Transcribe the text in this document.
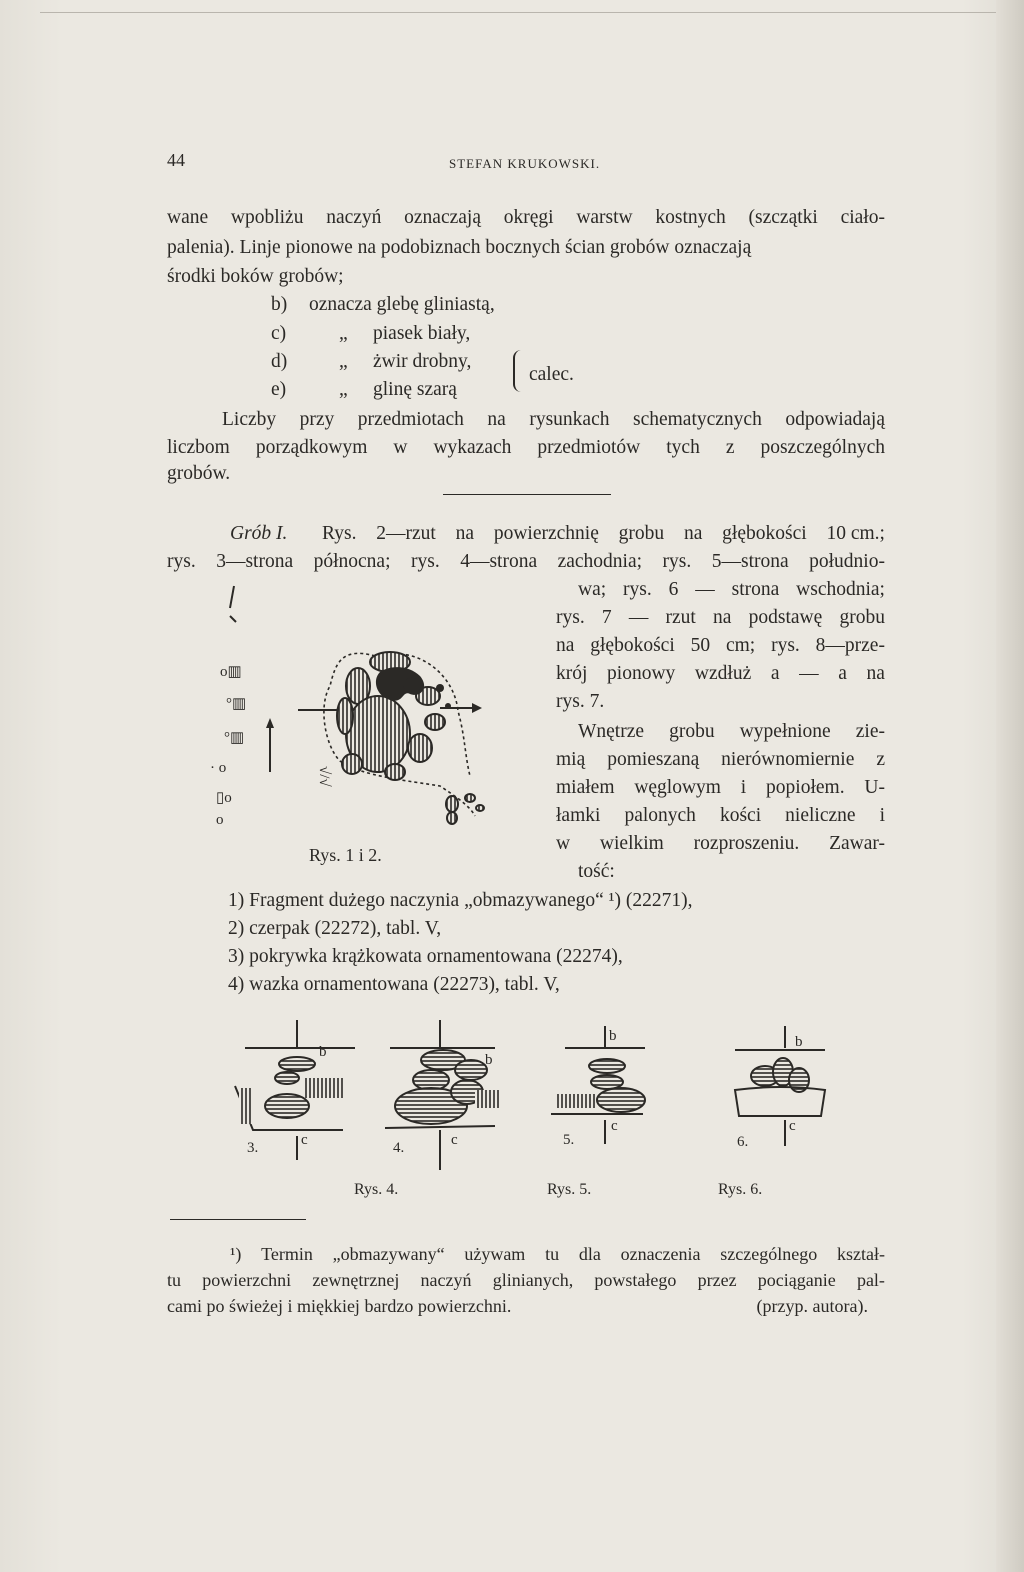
44	STEFAN KRUKOWSKI.
wane wpobliżu naczyń oznaczają okręgi warstw kostnych (szczątki ciało-
palenia). Linje pionowe na podobiznach bocznych ścian grobów oznaczają
środki boków grobów;
b) oznacza glebę gliniastą,
c)	„ piasek biały,
d)	„ żwir drobny,
e)	„ glinę szarą
calec.
Liczby przy przedmiotach na rysunkach schematycznych odpowiadają
liczbom porządkowym w wykazach przedmiotów tych z poszczególnych
grobów.
Grób I. Rys. 2—rzut na powierzchnię grobu na głębokości 10 cm.;
rys. 3—strona północna; rys. 4—strona zachodnia; rys. 5—strona południo-
wa; rys. 6 — strona wschodnia;
rys. 7 — rzut na podstawę grobu
na głębokości 50 cm; rys. 8—prze-
krój pionowy wzdłuż a — a na
rys. 7.
Wnętrze grobu wypełnione zie-
mią pomieszaną nierównomiernie z
miałem węglowym i popiołem. U-
łamki palonych kości nieliczne i
w wielkim rozproszeniu. Zawar-
tość:
o▥
°▥
°▥
· o
▯o
o
√/√
Rys. 1 i 2.
1) Fragment dużego naczynia „obmazywanego“ ¹) (22271),
2) czerpak (22272), tabl. V,
3) pokrywka krążkowata ornamentowana (22274),
4) wazka ornamentowana (22273), tabl. V,
b
c
3.
b
c
4.
b
c
5.
b
c
6.
Rys. 4.	Rys. 5.	Rys. 6.
¹) Termin „obmazywany“ używam tu dla oznaczenia szczególnego kształ-
tu powierzchni zewnętrznej naczyń glinianych, powstałego przez pociąganie pal-
cami po świeżej i miękkiej bardzo powierzchni.	(przyp. autora).
